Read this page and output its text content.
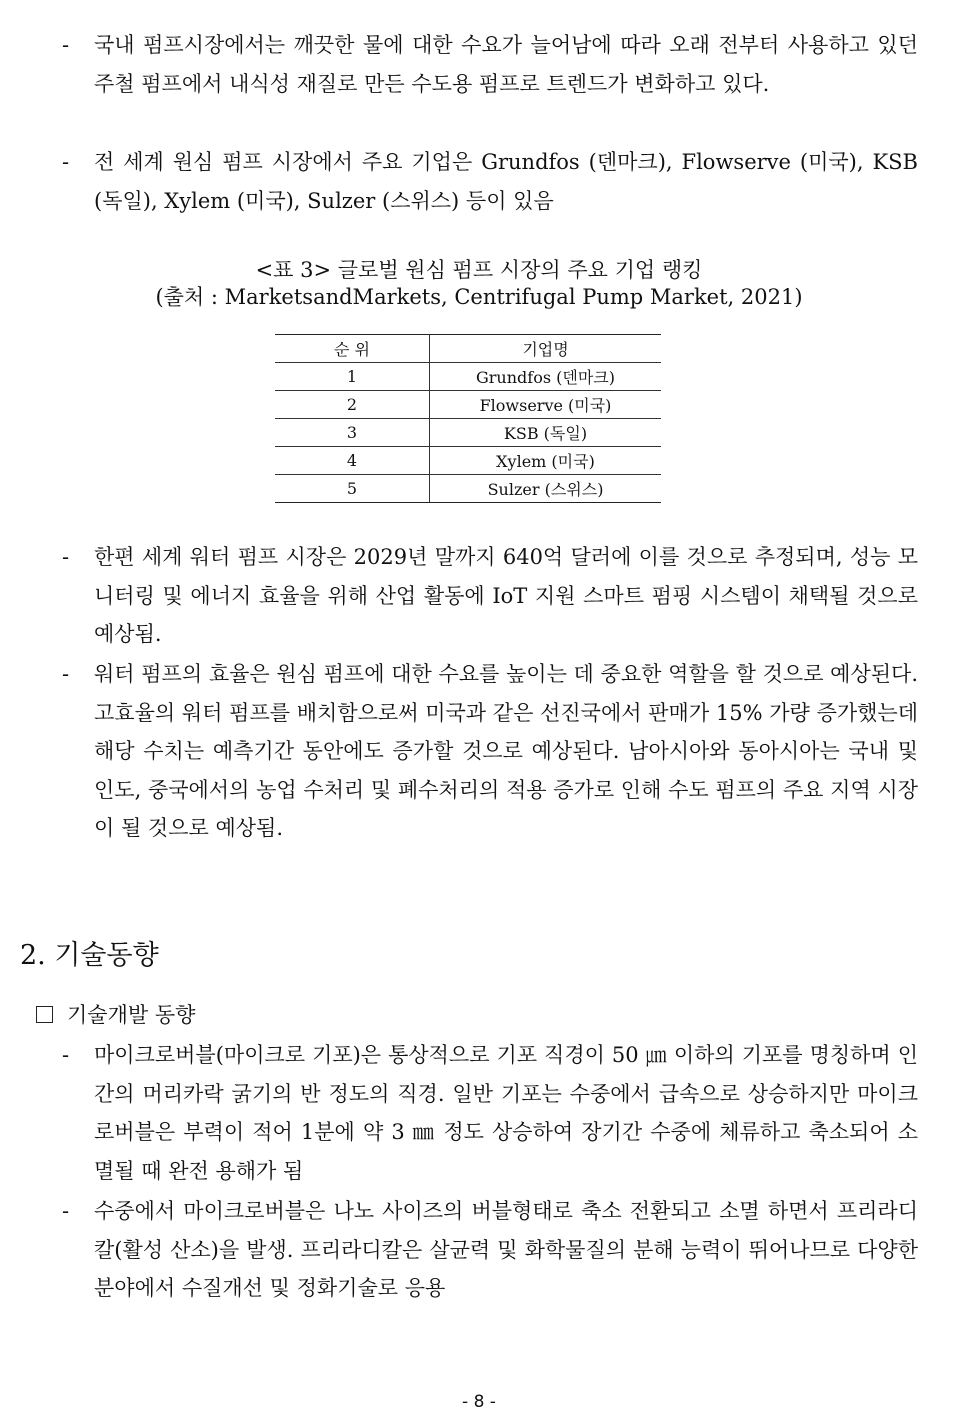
- 국내 펌프시장에서는 깨끗한 물에 대한 수요가 늘어남에 따라 오래 전부터 사용하고 있던 주철 펌프에서 내식성 재질로 만든 수도용 펌프로 트렌드가 변화하고 있다.
- 전 세계 원심 펌프 시장에서 주요 기업은 Grundfos (덴마크), Flowserve (미국), KSB (독일), Xylem (미국), Sulzer (스위스) 등이 있음
<표 3> 글로벌 원심 펌프 시장의 주요 기업 랭킹
(출처 : MarketsandMarkets, Centrifugal Pump Market, 2021)
순 위	기업명
1	Grundfos (덴마크)
2	Flowserve (미국)
3	KSB (독일)
4	Xylem (미국)
5	Sulzer (스위스)
- 한편 세계 워터 펌프 시장은 2029년 말까지 640억 달러에 이를 것으로 추정되며, 성능 모니터링 및 에너지 효율을 위해 산업 활동에 IoT 지원 스마트 펌핑 시스템이 채택될 것으로 예상됨.
- 워터 펌프의 효율은 원심 펌프에 대한 수요를 높이는 데 중요한 역할을 할 것으로 예상된다. 고효율의 워터 펌프를 배치함으로써 미국과 같은 선진국에서 판매가 15% 가량 증가했는데 해당 수치는 예측기간 동안에도 증가할 것으로 예상된다. 남아시아와 동아시아는 국내 및 인도, 중국에서의 농업 수처리 및 폐수처리의 적용 증가로 인해 수도 펌프의 주요 지역 시장이 될 것으로 예상됨.
2. 기술동향
기술개발 동향
- 마이크로버블(마이크로 기포)은 통상적으로 기포 직경이 50 ㎛ 이하의 기포를 명칭하며 인간의 머리카락 굵기의 반 정도의 직경. 일반 기포는 수중에서 급속으로 상승하지만 마이크로버블은 부력이 적어 1분에 약 3 ㎜ 정도 상승하여 장기간 수중에 체류하고 축소되어 소멸될 때 완전 용해가 됨
- 수중에서 마이크로버블은 나노 사이즈의 버블형태로 축소 전환되고 소멸 하면서 프리라디칼(활성 산소)을 발생. 프리라디칼은 살균력 및 화학물질의 분해 능력이 뛰어나므로 다양한 분야에서 수질개선 및 정화기술로 응용
- 8 -
